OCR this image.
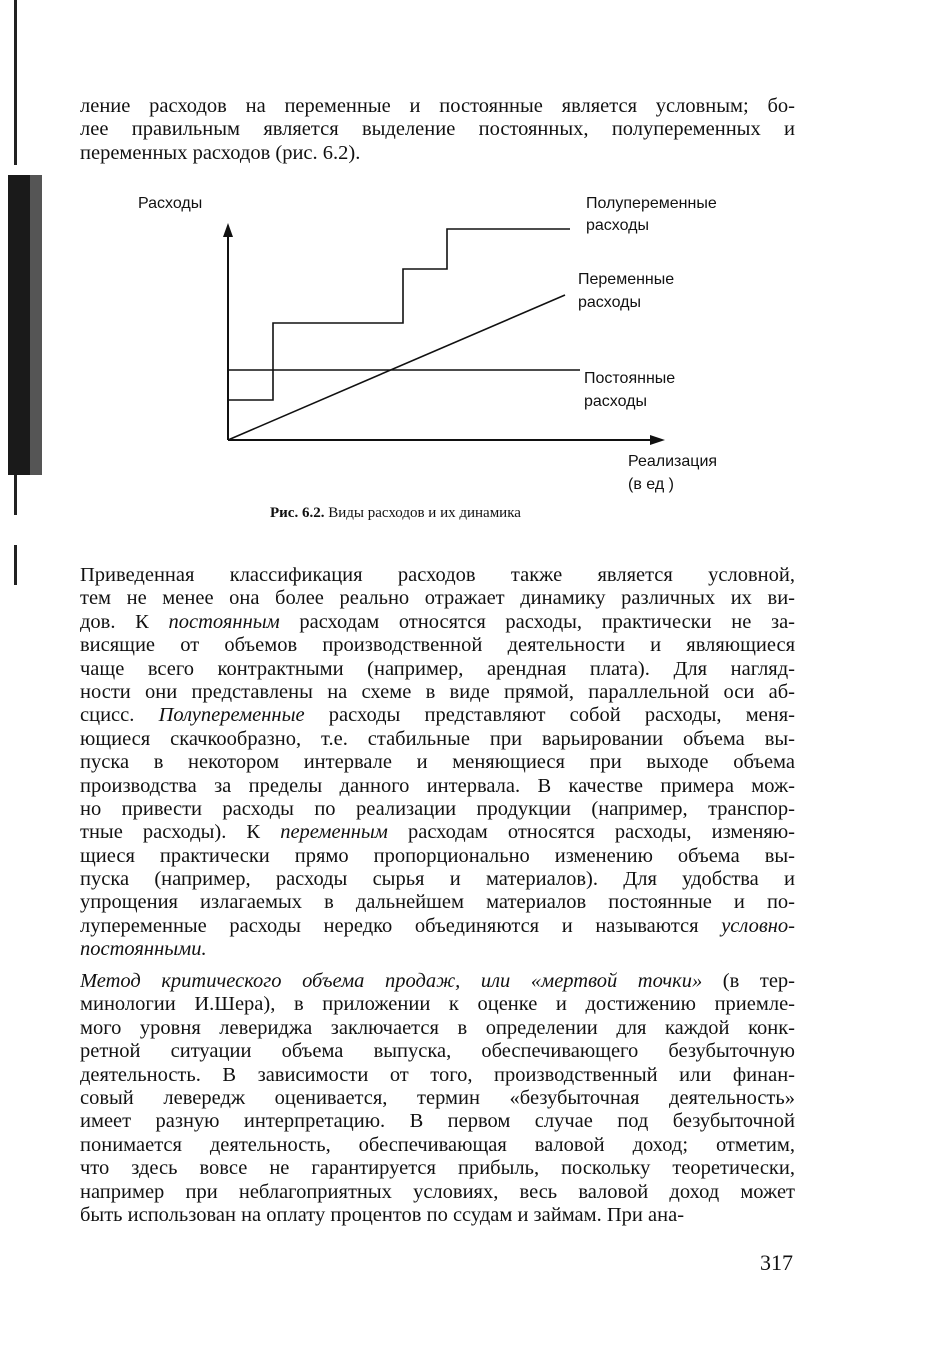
ление расходов на переменные и постоянные является условным; бо-
лее правильным является выделение постоянных, полупеременных и
переменных расходов (рис. 6.2).

Расходы	Полупеременные
расходы
Переменные
расходы
Постоянные
расходы
Реализация
(в ед )
Рис. 6.2. Виды расходов и их динамика

Приведенная классификация расходов также является условной,
тем не менее она более реально отражает динамику различных их ви-
дов. К постоянным расходам относятся расходы, практически не за-
висящие от объемов производственной деятельности и являющиеся
чаще всего контрактными (например, арендная плата). Для нагляд-
ности они представлены на схеме в виде прямой, параллельной оси аб-
сцисс. Полупеременные расходы представляют собой расходы, меня-
ющиеся скачкообразно, т.е. стабильные при варьировании объема вы-
пуска в некотором интервале и меняющиеся при выходе объема
производства за пределы данного интервала. В качестве примера мож-
но привести расходы по реализации продукции (например, транспор-
тные расходы). К переменным расходам относятся расходы, изменяю-
щиеся практически прямо пропорционально изменению объема вы-
пуска (например, расходы сырья и материалов). Для удобства и
упрощения излагаемых в дальнейшем материалов постоянные и по-
лупеременные расходы нередко объединяются и называются условно-
постоянными.

Метод критического объема продаж, или «мертвой точки» (в тер-
минологии И.Шера), в приложении к оценке и достижению приемле-
мого уровня левериджа заключается в определении для каждой конк-
ретной ситуации объема выпуска, обеспечивающего безубыточную
деятельность. В зависимости от того, производственный или финан-
совый левередж оценивается, термин «безубыточная деятельность»
имеет разную интерпретацию. В первом случае под безубыточной
понимается деятельность, обеспечивающая валовой доход; отметим,
что здесь вовсе не гарантируется прибыль, поскольку теоретически,
например при неблагоприятных условиях, весь валовой доход может
быть использован на оплату процентов по ссудам и займам. При ана-

317
